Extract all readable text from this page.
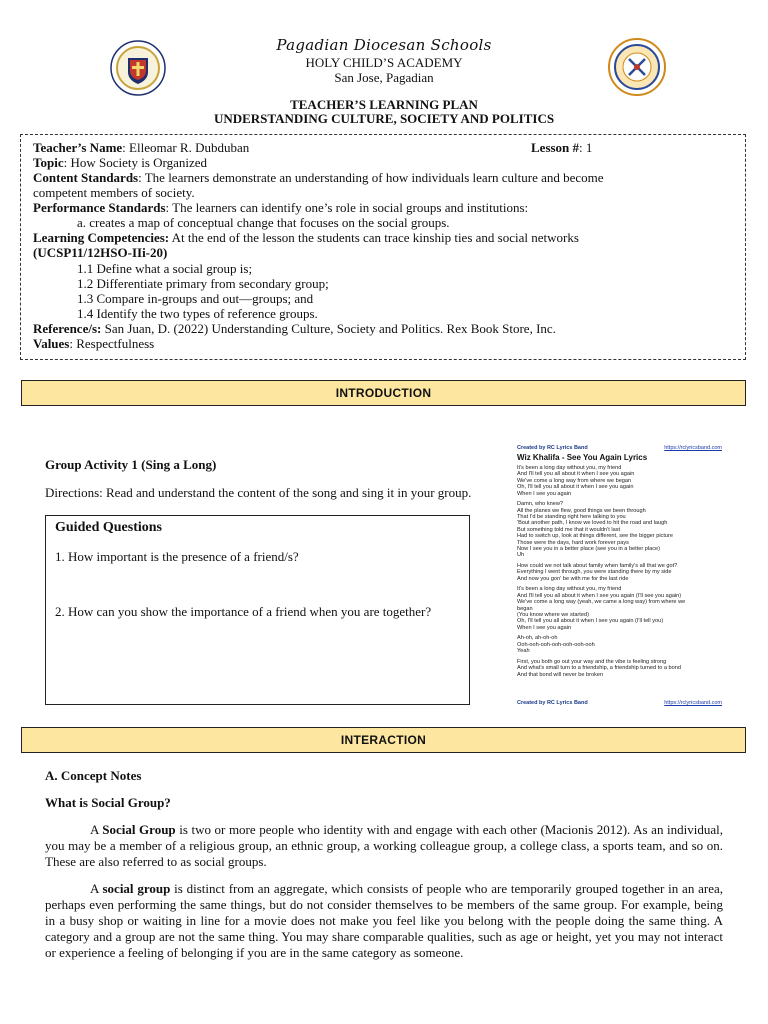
Pagadian Diocesan Schools
HOLY CHILD’S ACADEMY
San Jose, Pagadian
TEACHER’S LEARNING PLAN
UNDERSTANDING CULTURE, SOCIETY AND POLITICS
Teacher’s Name: Elleomar R. Dubduban	Lesson #: 1
Topic: How Society is Organized
Content Standards: The learners demonstrate an understanding of how individuals learn culture and become
competent members of society.
Performance Standards: The learners can identify one’s role in social groups and institutions:
a. creates a map of conceptual change that focuses on the social groups.
Learning Competencies: At the end of the lesson the students can trace kinship ties and social networks
(UCSP11/12HSO-IIi-20)
1.1 Define what a social group is;
1.2 Differentiate primary from secondary group;
1.3 Compare in-groups and out—groups; and
1.4 Identify the two types of reference groups.
Reference/s: San Juan, D. (2022) Understanding Culture, Society and Politics. Rex Book Store, Inc.
Values: Respectfulness
INTRODUCTION
Group Activity 1 (Sing a Long)
Directions: Read and understand the content of the song and sing it in your group.
Guided Questions
1. How important is the presence of a friend/s?
2. How can you show the importance of a friend when you are together?
Created by RC Lyrics Band	https://rclyricsband.com
Wiz Khalifa - See You Again Lyrics
It's been a long day without you, my friend
And I'll tell you all about it when I see you again
We've come a long way from where we began
Oh, I'll tell you all about it when I see you again
When I see you again
Damn, who knew?
All the planes we flew, good things we been through
That I'd be standing right here talking to you
'Bout another path, I know we loved to hit the road and laugh
But something told me that it wouldn't last
Had to switch up, look at things different, see the bigger picture
Those were the days, hard work forever pays
Now I see you in a better place (see you in a better place)
Uh
How could we not talk about family when family's all that we got?
Everything I went through, you were standing there by my side
And now you gon' be with me for the last ride
It's been a long day without you, my friend
And I'll tell you all about it when I see you again (I'll see you again)
We've come a long way (yeah, we came a long way) from where we
began
(You know where we started)
Oh, I'll tell you all about it when I see you again (I'll tell you)
When I see you again
Ah-oh, ah-oh-oh
Ooh-ooh-ooh-ooh-ooh-ooh-ooh
Yeah
First, you both go out your way and the vibe is feeling strong
And what's small turn to a friendship, a friendship turned to a bond
And that bond will never be broken
Created by RC Lyrics Band	https://rclyricsband.com
INTERACTION
A. Concept Notes
What is Social Group?
A Social Group is two or more people who identity with and engage with each other (Macionis 2012). As an individual, you may be a member of a religious group, an ethnic group, a working colleague group, a college class, a sports team, and so on. These are also referred to as social groups.
A social group is distinct from an aggregate, which consists of people who are temporarily grouped together in an area, perhaps even performing the same things, but do not consider themselves to be members of the same group. For example, being in a busy shop or waiting in line for a movie does not make you feel like you belong with the people doing the same thing. A category and a group are not the same thing. You may share comparable qualities, such as age or height, yet you may not interact or experience a feeling of belonging if you are in the same category as someone.
